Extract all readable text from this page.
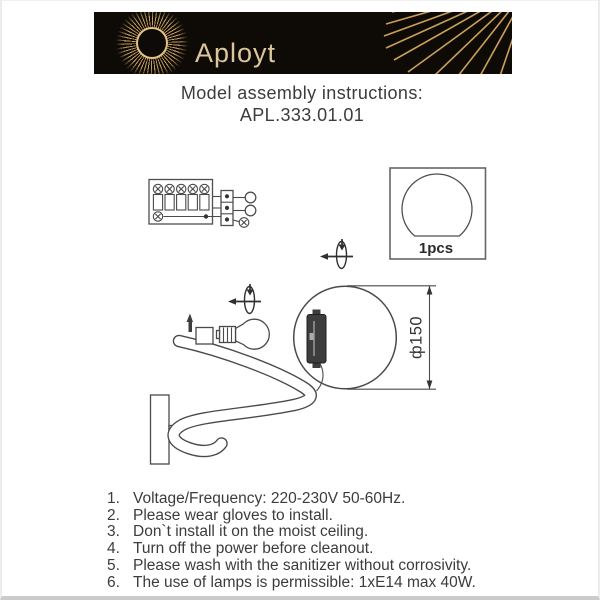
Aployt
Model assembly instructions:
APL.333.01.01
1pcs
ф150
1. Voltage/Frequency: 220-230V 50-60Hz.
2. Please wear gloves to install.
3. Don`t install it on the moist ceiling.
4. Turn off the power before cleanout.
5. Please wash with the sanitizer without corrosivity.
6. The use of lamps is permissible: 1xE14 max 40W.
